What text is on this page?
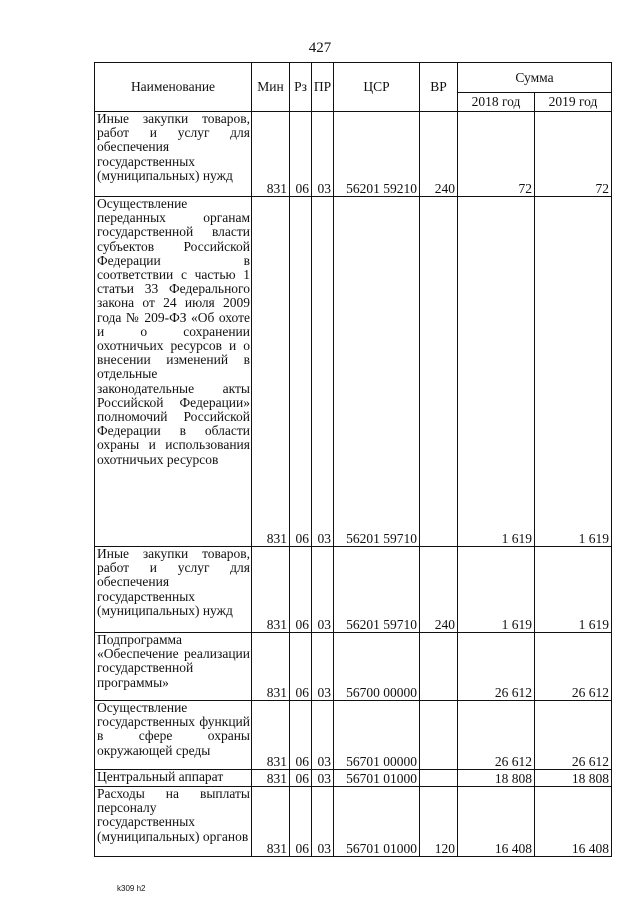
427
Наименование	Мин	Рз	ПР	ЦСР	ВР	Сумма	
						2018 год	2019 год
Иные закупки товаров, работ и услуг для обеспечения государственных (муниципальных) нужд	831	06	03	56201 59210	240	72	72
Осуществление переданных органам государственной власти субъектов Российской Федерации в соответствии с частью 1 статьи 33 Федерального закона от 24 июля 2009 года № 209-ФЗ «Об охоте и о сохранении охотничьих ресурсов и о внесении изменений в отдельные законодательные акты Российской Федерации» полномочий Российской Федерации в области охраны и использования охотничьих ресурсов	831	06	03	56201 59710		1 619	1 619
Иные закупки товаров, работ и услуг для обеспечения государственных (муниципальных) нужд	831	06	03	56201 59710	240	1 619	1 619
Подпрограмма «Обеспечение реализации государственной программы»	831	06	03	56700 00000		26 612	26 612
Осуществление государственных функций в сфере охраны окружающей среды	831	06	03	56701 00000		26 612	26 612
Центральный аппарат	831	06	03	56701 01000		18 808	18 808
Расходы на выплаты персоналу государственных (муниципальных) органов	831	06	03	56701 01000	120	16 408	16 408
k309 h2
